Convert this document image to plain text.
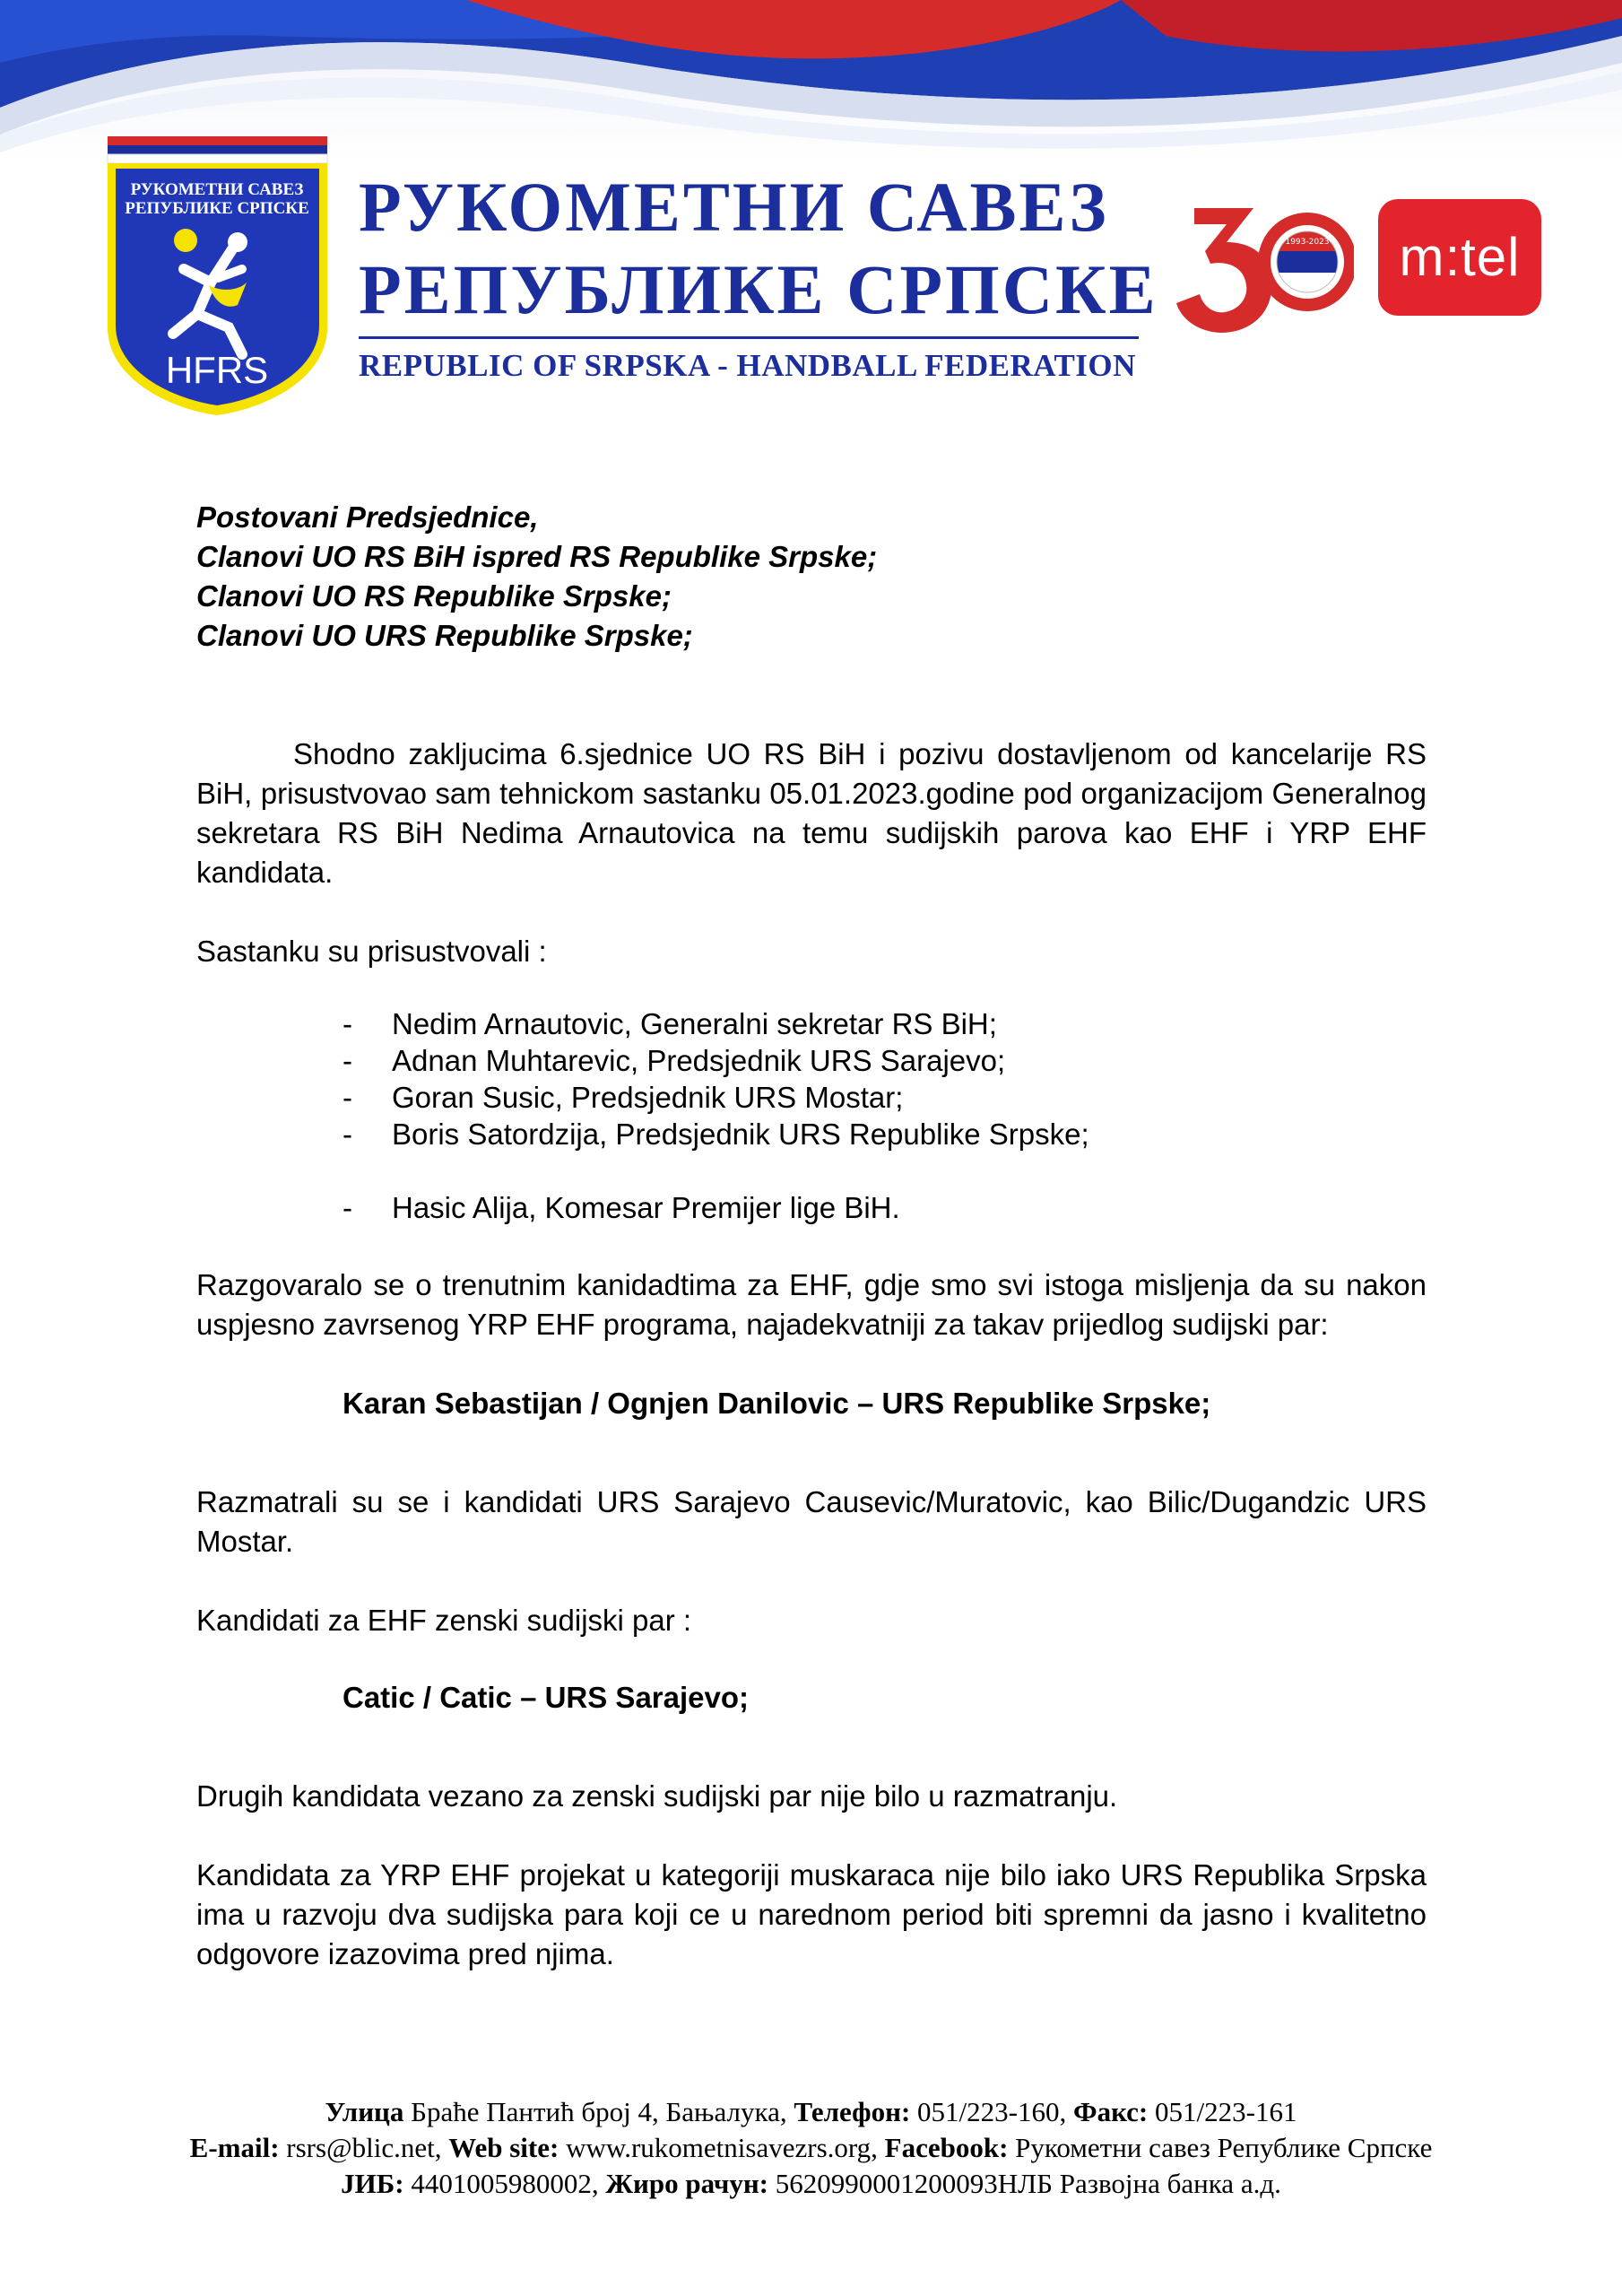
РУКОМЕТНИ САВЕЗ
РЕПУБЛИКЕ СРПСКЕ
HFRS
РУКОМЕТНИ САВЕЗ
РЕПУБЛИКЕ СРПСКЕ
REPUBLIC OF SRPSKA - HANDBALL FEDERATION
1993-2023	m:tel

Postovani Predsjednice,

Clanovi UO RS BiH ispred RS Republike Srpske;

Clanovi UO RS Republike Srpske;

Clanovi UO URS Republike Srpske;

Shodno zakljucima 6.sjednice UO RS BiH i pozivu dostavljenom od kancelarije RS BiH, prisustvovao sam tehnickom sastanku 05.01.2023.godine pod organizacijom Generalnog sekretara RS BiH Nedima Arnautovica na temu sudijskih parova kao EHF i YRP EHF kandidata.

Sastanku su prisustvovali :

- Nedim Arnautovic, Generalni sekretar RS BiH;
- Adnan Muhtarevic, Predsjednik URS Sarajevo;
- Goran Susic, Predsjednik URS Mostar;
- Boris Satordzija, Predsjednik URS Republike Srpske;
- Hasic Alija, Komesar Premijer lige BiH.

Razgovaralo se o trenutnim kanidadtima za EHF, gdje smo svi istoga misljenja da su nakon uspjesno zavrsenog YRP EHF programa, najadekvatniji za takav prijedlog sudijski par:

Karan Sebastijan / Ognjen Danilovic – URS Republike Srpske;

Razmatrali su se i kandidati URS Sarajevo Causevic/Muratovic, kao Bilic/Dugandzic URS Mostar.

Kandidati za EHF zenski sudijski par :

Catic / Catic – URS Sarajevo;

Drugih kandidata vezano za zenski sudijski par nije bilo u razmatranju.

Kandidata za YRP EHF projekat u kategoriji muskaraca nije bilo iako URS Republika Srpska ima u razvoju dva sudijska para koji ce u narednom period biti spremni da jasno i kvalitetno odgovore izazovima pred njima.

Улица Браће Пантић број 4, Бањалука, Телефон: 051/223-160, Факс: 051/223-161

E-mail: rsrs@blic.net, Web site: www.rukometnisavezrs.org, Facebook: Рукометни савез Републике Српске

ЈИБ: 4401005980002, Жиро рачун: 5620990001200093НЛБ Развојна банка а.д.
